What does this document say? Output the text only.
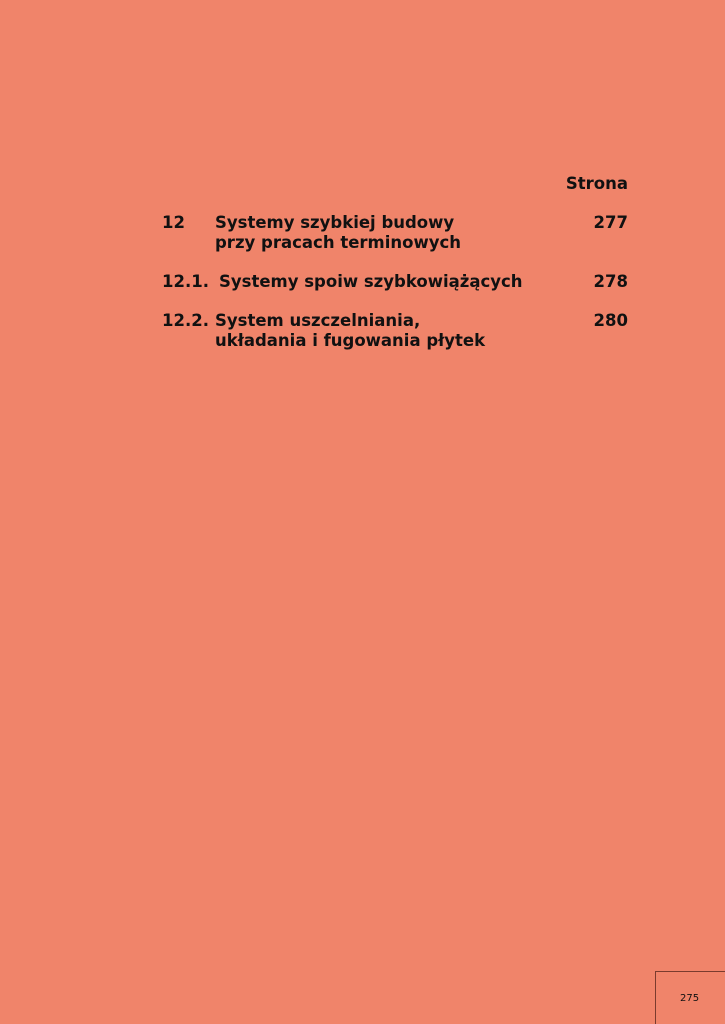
Strona
12	Systemy szybkiej budowy
przy pracach terminowych
277
12.1. Systemy spoiw szybkowiążących	278
12.2. System uszczelniania,
układania i fugowania płytek
280
275
